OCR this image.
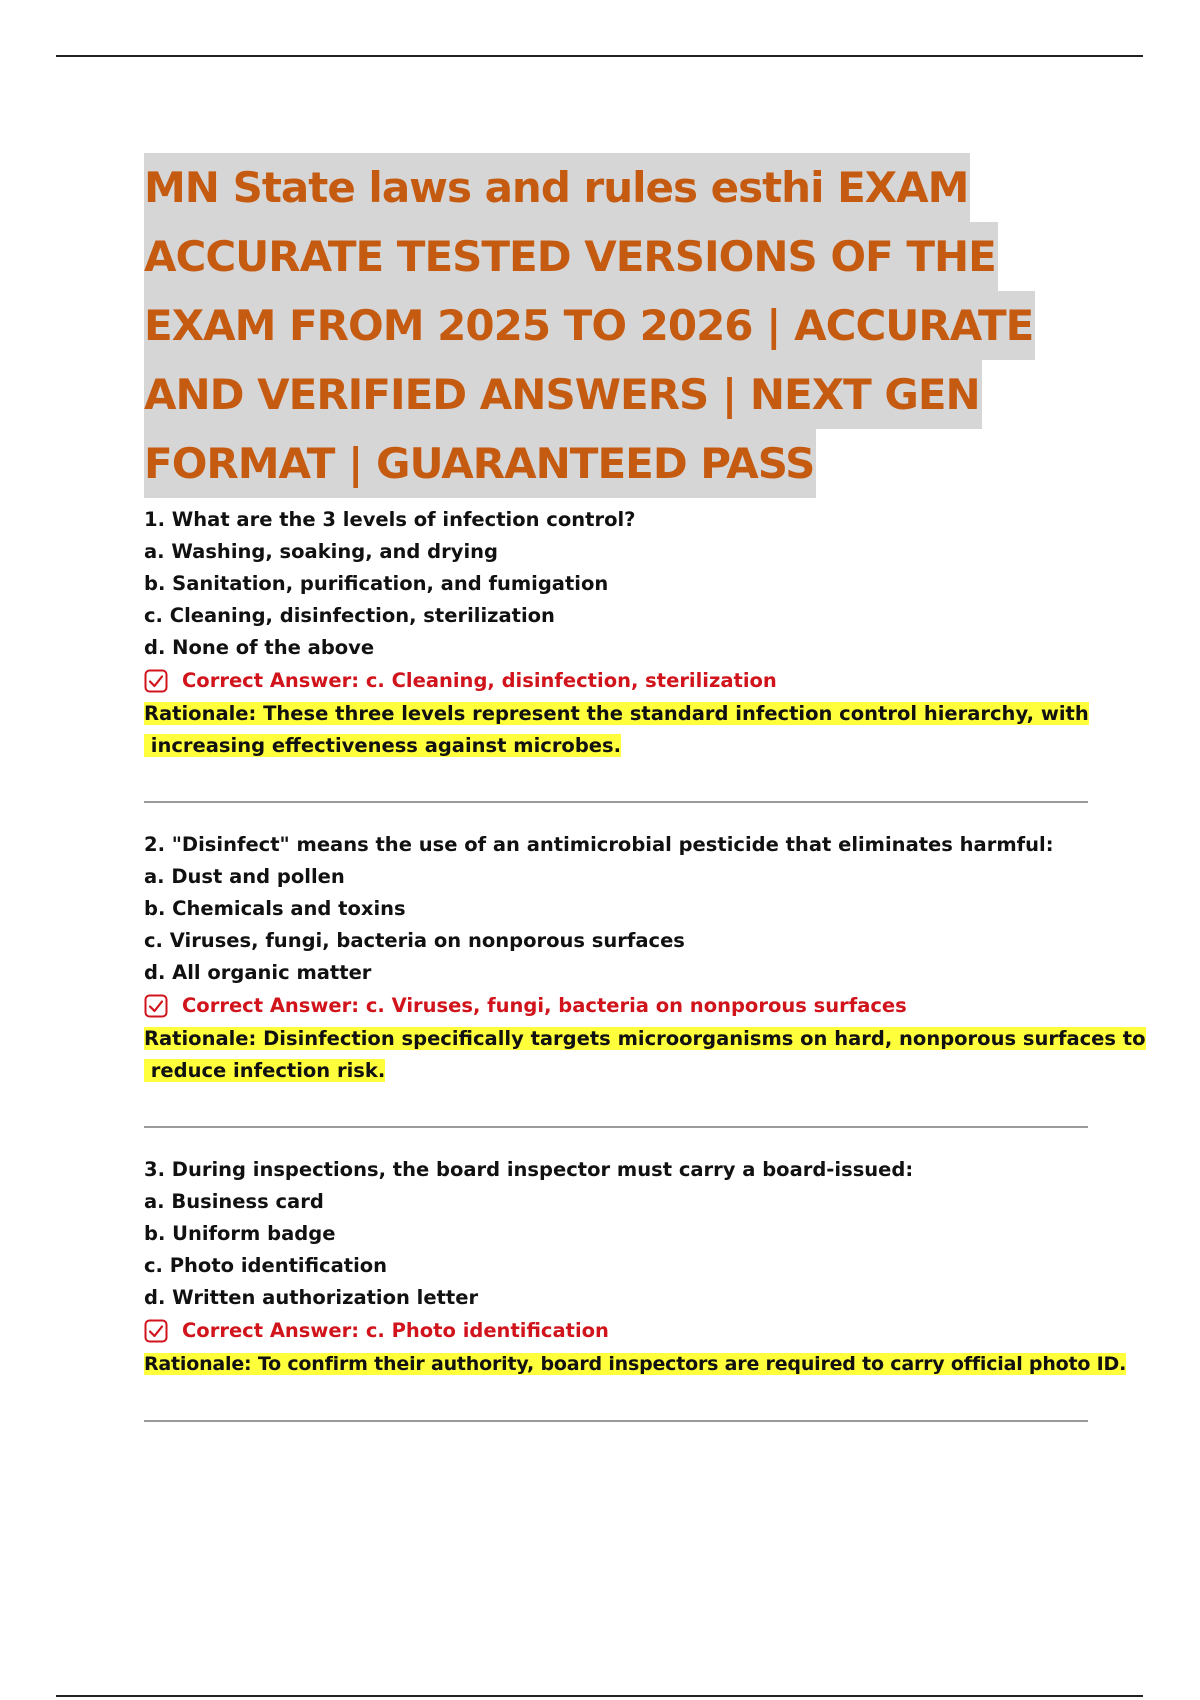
MN State laws and rules esthi EXAM
ACCURATE TESTED VERSIONS OF THE
EXAM FROM 2025 TO 2026 | ACCURATE
AND VERIFIED ANSWERS | NEXT GEN
FORMAT | GUARANTEED PASS
1. What are the 3 levels of infection control?
a. Washing, soaking, and drying
b. Sanitation, purification, and fumigation
c. Cleaning, disinfection, sterilization
d. None of the above
Correct Answer: c. Cleaning, disinfection, sterilization
Rationale: These three levels represent the standard infection control hierarchy, with
increasing effectiveness against microbes.
2. "Disinfect" means the use of an antimicrobial pesticide that eliminates harmful:
a. Dust and pollen
b. Chemicals and toxins
c. Viruses, fungi, bacteria on nonporous surfaces
d. All organic matter
Correct Answer: c. Viruses, fungi, bacteria on nonporous surfaces
Rationale: Disinfection specifically targets microorganisms on hard, nonporous surfaces to
reduce infection risk.
3. During inspections, the board inspector must carry a board-issued:
a. Business card
b. Uniform badge
c. Photo identification
d. Written authorization letter
Correct Answer: c. Photo identification
Rationale: To confirm their authority, board inspectors are required to carry official photo ID.
